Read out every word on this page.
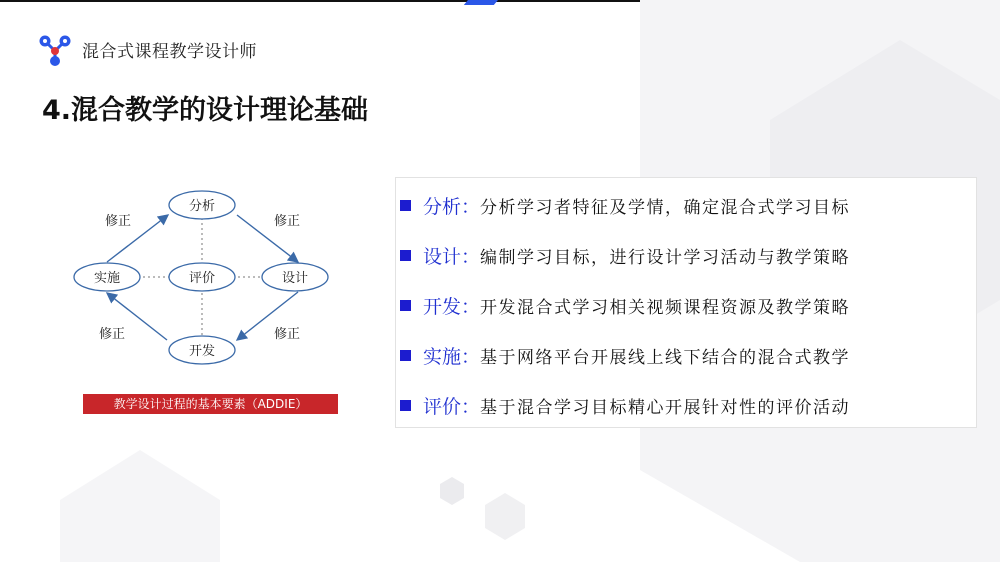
混合式课程教学设计师
4.混合教学的设计理论基础
分析
评价	设计
实施
开发
修正	修正
修正	修正
教学设计过程的基本要素（ADDIE）
分析 ： 分析学习者特征及学情，确定混合式学习目标
设计 ： 编制学习目标，进行设计学习活动与教学策略
开发 ： 开发混合式学习相关视频课程资源及教学策略
实施 ： 基于网络平台开展线上线下结合的混合式教学
评价 ： 基于混合学习目标精心开展针对性的评价活动
